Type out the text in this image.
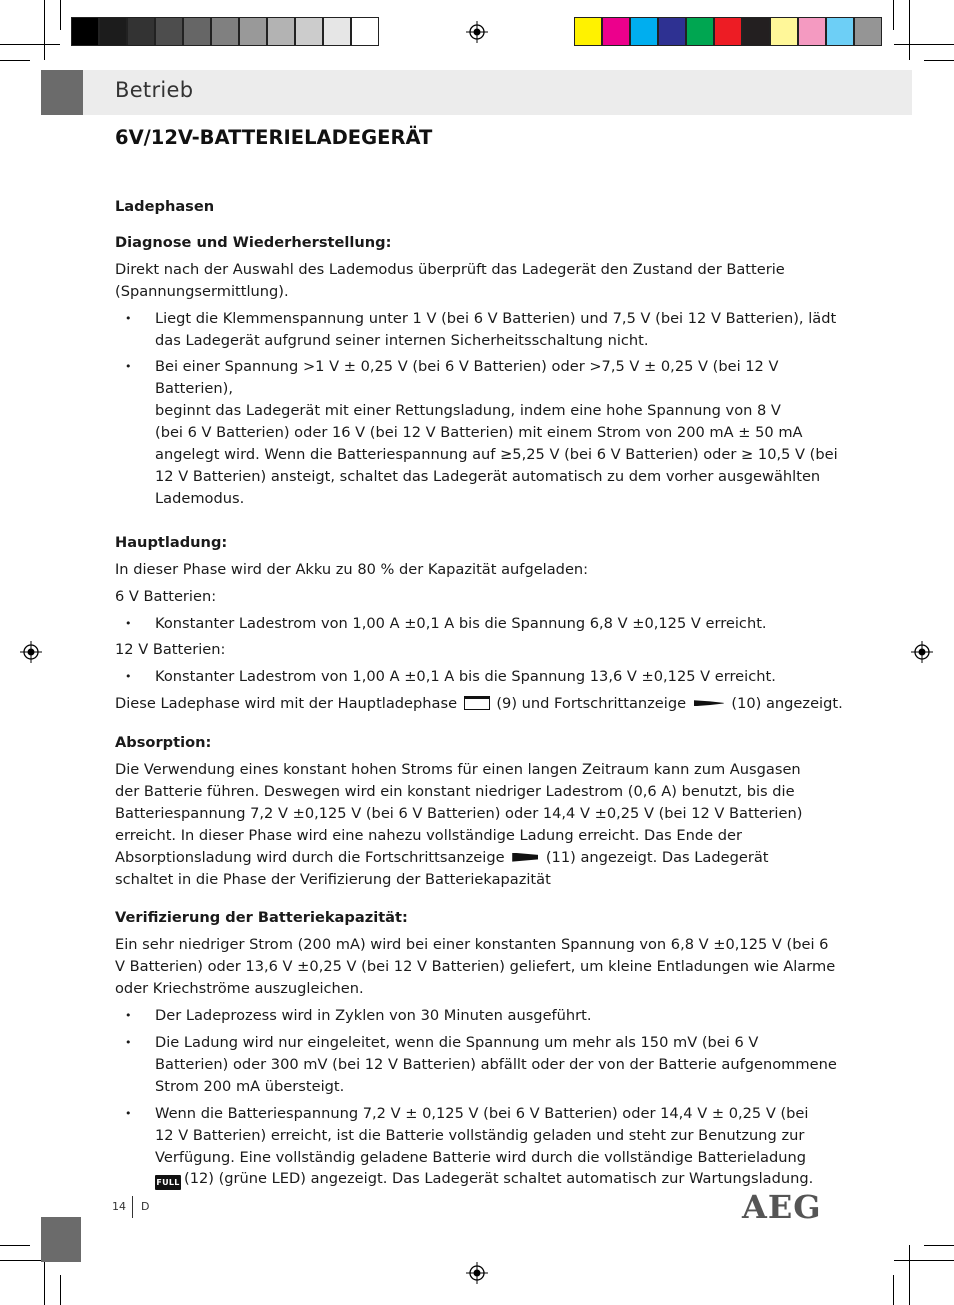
Betrieb
6V/12V-BATTERIELADEGERÄT

Ladephasen

Diagnose und Wiederherstellung:

Direkt nach der Auswahl des Lademodus überprüft das Ladegerät den Zustand der Batterie

(Spannungsermittlung).

• Liegt die Klemmenspannung unter 1 V (bei 6 V Batterien) und 7,5 V (bei 12 V Batterien), lädt
das Ladegerät aufgrund seiner internen Sicherheitsschaltung nicht.
• Bei einer Spannung >1 V ± 0,25 V (bei 6 V Batterien) oder >7,5 V ± 0,25 V (bei 12 V Batterien),
beginnt das Ladegerät mit einer Rettungsladung, indem eine hohe Spannung von 8 V
(bei 6 V Batterien) oder 16 V (bei 12 V Batterien) mit einem Strom von 200 mA ± 50 mA
angelegt wird. Wenn die Batteriespannung auf ≥5,25 V (bei 6 V Batterien) oder ≥ 10,5 V (bei
12 V Batterien) ansteigt, schaltet das Ladegerät automatisch zu dem vorher ausgewählten
Lademodus.

Hauptladung:

In dieser Phase wird der Akku zu 80 % der Kapazität aufgeladen:

6 V Batterien:

• Konstanter Ladestrom von 1,00 A ±0,1 A bis die Spannung 6,8 V ±0,125 V erreicht.

12 V Batterien:

• Konstanter Ladestrom von 1,00 A ±0,1 A bis die Spannung 13,6 V ±0,125 V erreicht.

Diese Ladephase wird mit der Hauptladephase	(9) und Fortschrittanzeige	(10) angezeigt.

Absorption:

Die Verwendung eines konstant hohen Stroms für einen langen Zeitraum kann zum Ausgasen

der Batterie führen. Deswegen wird ein konstant niedriger Ladestrom (0,6 A) benutzt, bis die

Batteriespannung 7,2 V ±0,125 V (bei 6 V Batterien) oder 14,4 V ±0,25 V (bei 12 V Batterien)

erreicht. In dieser Phase wird eine nahezu vollständige Ladung erreicht. Das Ende der

Absorptionsladung wird durch die Fortschrittsanzeige	(11) angezeigt. Das Ladegerät

schaltet in die Phase der Verifizierung der Batteriekapazität

Verifizierung der Batteriekapazität:

Ein sehr niedriger Strom (200 mA) wird bei einer konstanten Spannung von 6,8 V ±0,125 V (bei 6

V Batterien) oder 13,6 V ±0,25 V (bei 12 V Batterien) geliefert, um kleine Entladungen wie Alarme

oder Kriechströme auszugleichen.

• Der Ladeprozess wird in Zyklen von 30 Minuten ausgeführt.
• Die Ladung wird nur eingeleitet, wenn die Spannung um mehr als 150 mV (bei 6 V
Batterien) oder 300 mV (bei 12 V Batterien) abfällt oder der von der Batterie aufgenommene
Strom 200 mA übersteigt.
• Wenn die Batteriespannung 7,2 V ± 0,125 V (bei 6 V Batterien) oder 14,4 V ± 0,25 V (bei
12 V Batterien) erreicht, ist die Batterie vollständig geladen und steht zur Benutzung zur
Verfügung. Eine vollständig geladene Batterie wird durch die vollständige Batterieladung
FULL (12) (grüne LED) angezeigt. Das Ladegerät schaltet automatisch zur Wartungsladung.
14 D	AEG
